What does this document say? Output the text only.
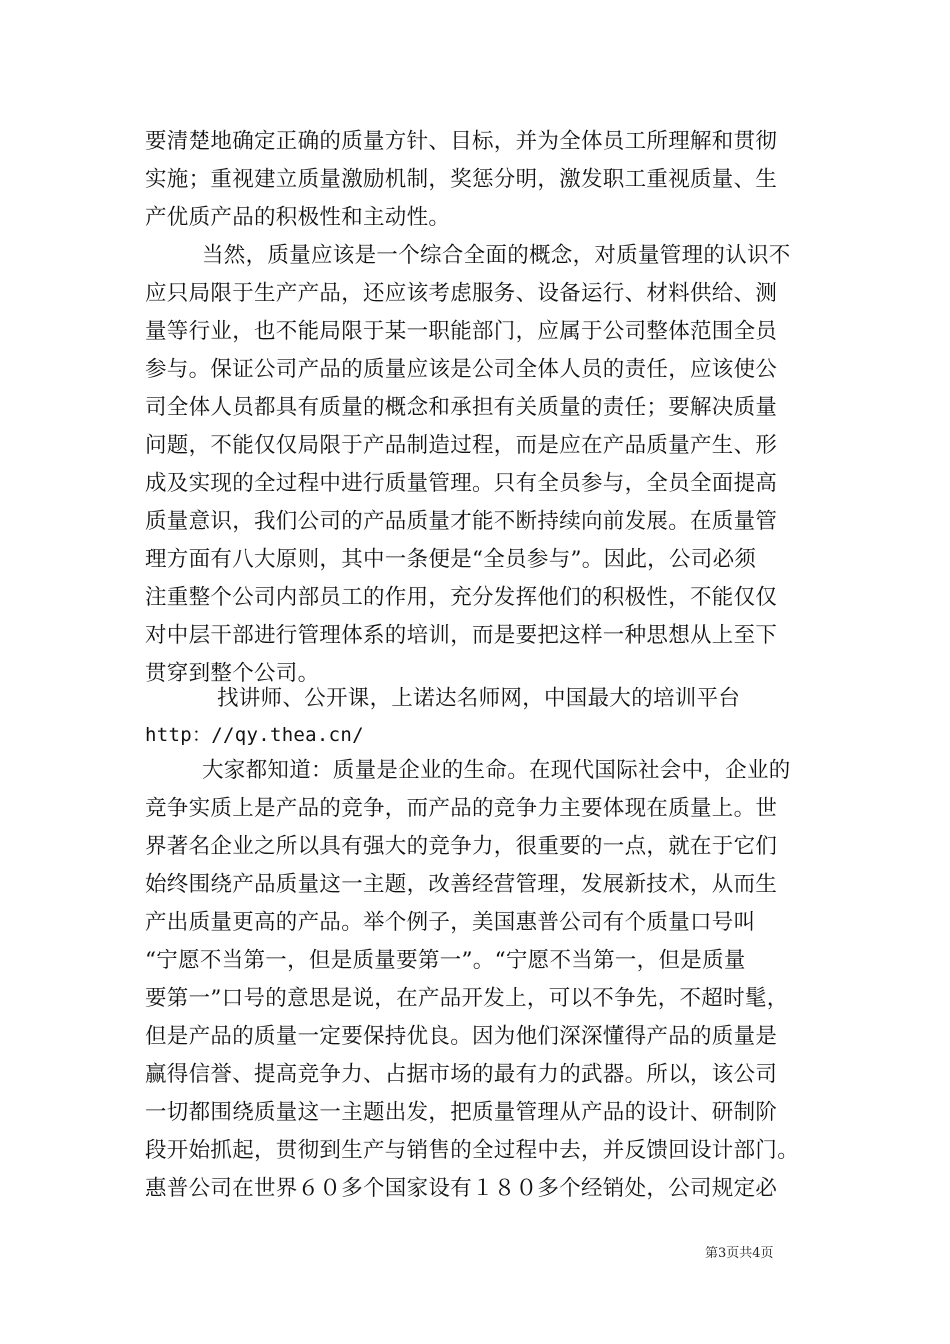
要清楚地确定正确的质量方针、目标，并为全体员工所理解和贯彻
实施；重视建立质量激励机制，奖惩分明，激发职工重视质量、生
产优质产品的积极性和主动性。
当然，质量应该是一个综合全面的概念，对质量管理的认识不
应只局限于生产产品，还应该考虑服务、设备运行、材料供给、测
量等行业，也不能局限于某一职能部门，应属于公司整体范围全员
参与。保证公司产品的质量应该是公司全体人员的责任，应该使公
司全体人员都具有质量的概念和承担有关质量的责任；要解决质量
问题，不能仅仅局限于产品制造过程，而是应在产品质量产生、形
成及实现的全过程中进行质量管理。只有全员参与，全员全面提高
质量意识，我们公司的产品质量才能不断持续向前发展。在质量管
理方面有八大原则，其中一条便是“全员参与”。因此，公司必须
注重整个公司内部员工的作用，充分发挥他们的积极性，不能仅仅
对中层干部进行管理体系的培训，而是要把这样一种思想从上至下
贯穿到整个公司。
找讲师、公开课，上诺达名师网，中国最大的培训平台
http：//qy.thea.cn/
大家都知道：质量是企业的生命。在现代国际社会中，企业的
竞争实质上是产品的竞争，而产品的竞争力主要体现在质量上。世
界著名企业之所以具有强大的竞争力，很重要的一点，就在于它们
始终围绕产品质量这一主题，改善经营管理，发展新技术，从而生
产出质量更高的产品。举个例子，美国惠普公司有个质量口号叫
“宁愿不当第一，但是质量要第一”。“宁愿不当第一，但是质量
要第一”口号的意思是说，在产品开发上，可以不争先，不超时髦，
但是产品的质量一定要保持优良。因为他们深深懂得产品的质量是
赢得信誉、提高竞争力、占据市场的最有力的武器。所以，该公司
一切都围绕质量这一主题出发，把质量管理从产品的设计、研制阶
段开始抓起，贯彻到生产与销售的全过程中去，并反馈回设计部门。
惠普公司在世界６０多个国家设有１８０多个经销处，公司规定必
第3页共4页
